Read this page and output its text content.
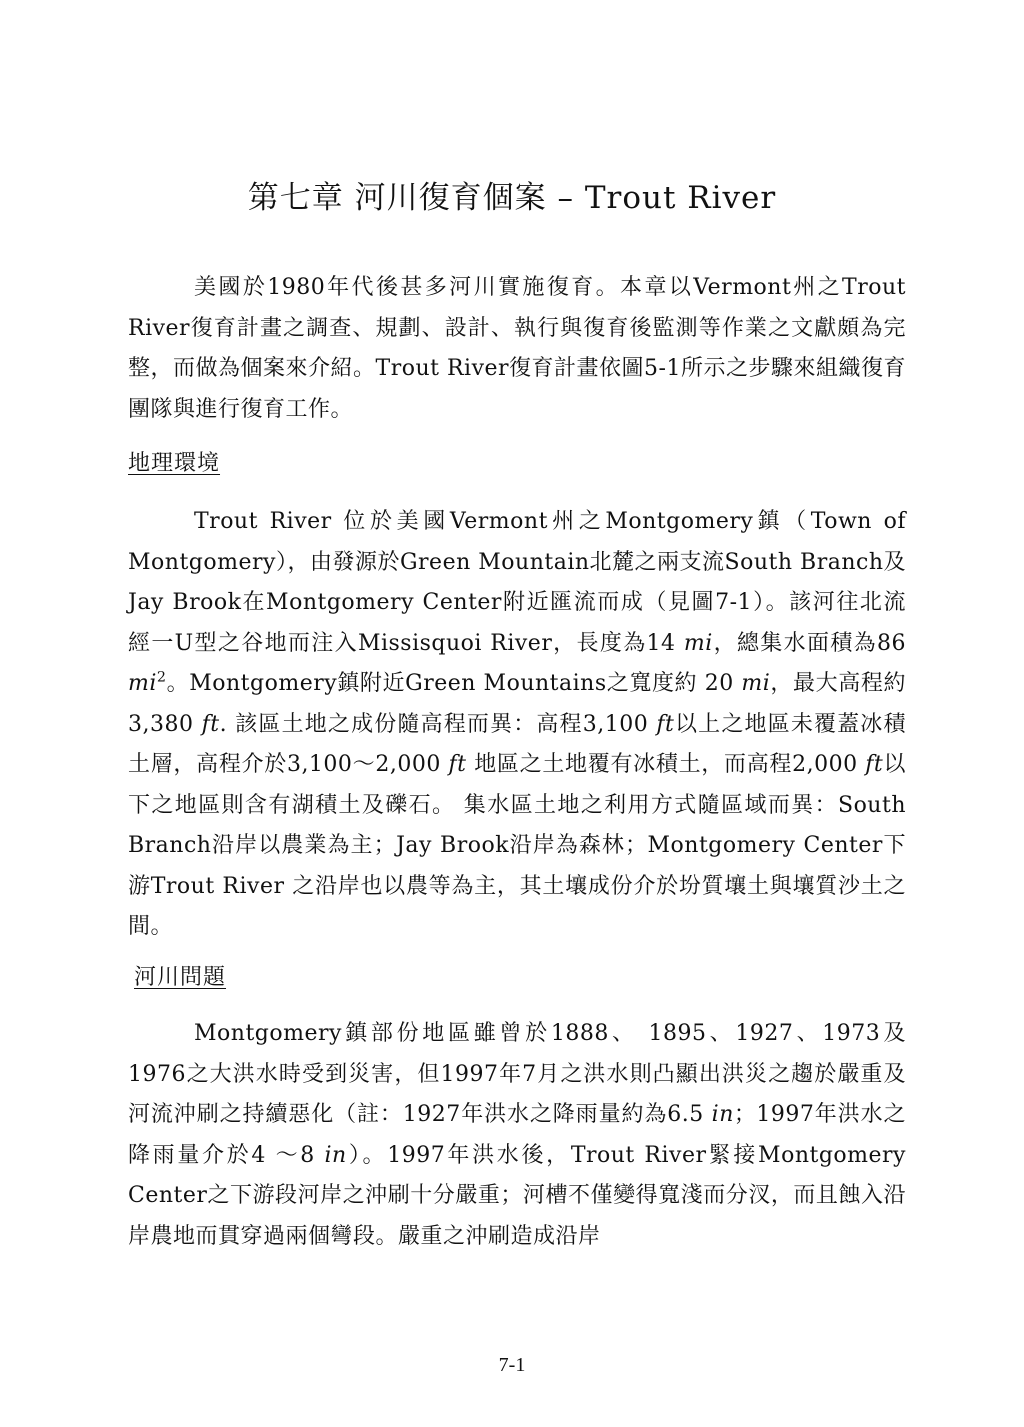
第七章 河川復育個案 – Trout River

美國於1980年代後甚多河川實施復育。本章以Vermont州之Trout River復育計畫之調查、規劃、設計、執行與復育後監測等作業之文獻頗為完整，而做為個案來介紹。Trout River復育計畫依圖5-1所示之步驟來組織復育團隊與進行復育工作。

地理環境

Trout River 位於美國Vermont州之Montgomery鎮（Town of Montgomery），由發源於Green Mountain北麓之兩支流South Branch及Jay Brook在Montgomery Center附近匯流而成（見圖7-1）。該河往北流經一U型之谷地而注入Missisquoi River，長度為14 mi，總集水面積為86 $mi^2$。Montgomery鎮附近Green Mountains之寬度約 20 mi，最大高程約3,380 ft. 該區土地之成份隨高程而異：高程3,100 ft以上之地區未覆蓋冰積土層，高程介於3,100～2,000 ft 地區之土地覆有冰積土，而高程2,000 ft以下之地區則含有湖積土及礫石。 集水區土地之利用方式隨區域而異：South Branch沿岸以農業為主；Jay Brook沿岸為森林；Montgomery Center下游Trout River 之沿岸也以農等為主，其土壤成份介於坋質壤土與壤質沙土之間。

河川問題

Montgomery鎮部份地區雖曾於1888、 1895、1927、1973及1976之大洪水時受到災害，但1997年7月之洪水則凸顯出洪災之趨於嚴重及河流沖刷之持續惡化（註：1927年洪水之降雨量約為6.5 in；1997年洪水之降雨量介於4 ～8 in）。1997年洪水後，Trout River緊接Montgomery Center之下游段河岸之沖刷十分嚴重；河槽不僅變得寬淺而分汊，而且蝕入沿岸農地而貫穿過兩個彎段。嚴重之沖刷造成沿岸

7-1
